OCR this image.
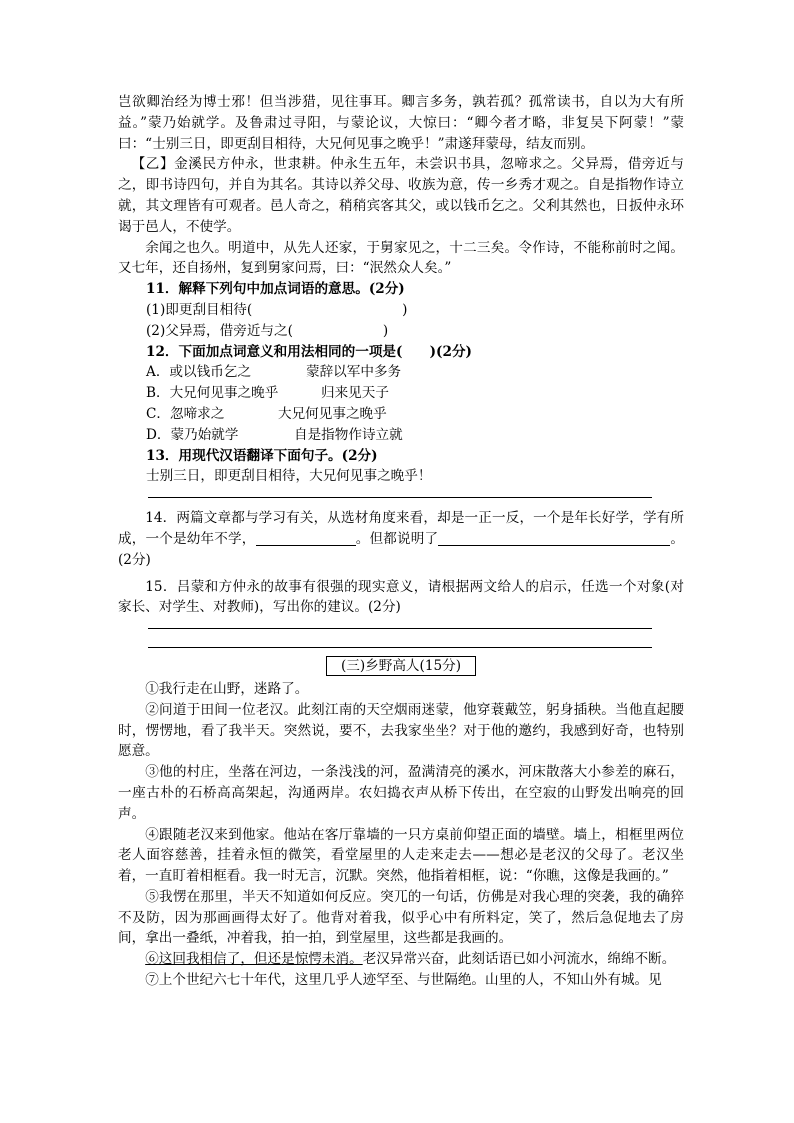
岂欲卿治经为博士邪！但当涉猎，见往事耳。卿言多务，孰若孤？孤常读书，自以为大有所益。”蒙乃始就学。及鲁肃过寻阳，与蒙论议，大惊曰：“卿今者才略，非复吴下阿蒙！”蒙曰：“士别三日，即更刮目相待，大兄何见事之晚乎！”肃遂拜蒙母，结友而别。

【乙】金溪民方仲永，世隶耕。仲永生五年，未尝识书具，忽啼求之。父异焉，借旁近与之，即书诗四句，并自为其名。其诗以养父母、收族为意，传一乡秀才观之。自是指物作诗立就，其文理皆有可观者。邑人奇之，稍稍宾客其父，或以钱币乞之。父利其然也，日扳仲永环谒于邑人，不使学。

余闻之也久。明道中，从先人还家，于舅家见之，十二三矣。令作诗，不能称前时之闻。又七年，还自扬州，复到舅家问焉，曰：“泯然众人矣。”

11．解释下列句中加点词语的意思。(2分)

(1)即更刮目相待(	)

(2)父异焉，借旁近与之(	)

12．下面加点词意义和用法相同的一项是(　　)(2分)

A．或以钱币乞之	蒙辞以军中多务

B．大兄何见事之晚乎	归来见天子

C．忽啼求之	大兄何见事之晚乎

D．蒙乃始就学	自是指物作诗立就

13．用现代汉语翻译下面句子。(2分)

士别三日，即更刮目相待，大兄何见事之晚乎！

14．两篇文章都与学习有关，从选材角度来看，却是一正一反，一个是年长好学，学有所成，一个是幼年不学，	。但都说明了	。(2分)

15．吕蒙和方仲永的故事有很强的现实意义，请根据两文给人的启示，任选一个对象(对家长、对学生、对教师)，写出你的建议。(2分)

(三)乡野高人(15分)

①我行走在山野，迷路了。

②问道于田间一位老汉。此刻江南的天空烟雨迷蒙，他穿蓑戴笠，躬身插秧。当他直起腰时，愣愣地，看了我半天。突然说，要不，去我家坐坐？对于他的邀约，我感到好奇，也特别愿意。

③他的村庄，坐落在河边，一条浅浅的河，盈满清亮的溪水，河床散落大小参差的麻石，一座古朴的石桥高高架起，沟通两岸。农妇捣衣声从桥下传出，在空寂的山野发出响亮的回声。

④跟随老汉来到他家。他站在客厅靠墙的一只方桌前仰望正面的墙壁。墙上，相框里两位老人面容慈善，挂着永恒的微笑，看堂屋里的人走来走去——想必是老汉的父母了。老汉坐着，一直盯着相框看。我一时无言，沉默。突然，他指着相框，说：“你瞧，这像是我画的。”

⑤我愣在那里，半天不知道如何反应。突兀的一句话，仿佛是对我心理的突袭，我的确猝不及防，因为那画画得太好了。他背对着我，似乎心中有所料定，笑了，然后急促地去了房间，拿出一叠纸，冲着我，拍一拍，到堂屋里，这些都是我画的。

⑥这回我相信了，但还是惊愕未消。老汉异常兴奋，此刻话语已如小河流水，绵绵不断。

⑦上个世纪六七十年代，这里几乎人迹罕至、与世隔绝。山里的人，不知山外有城。见
